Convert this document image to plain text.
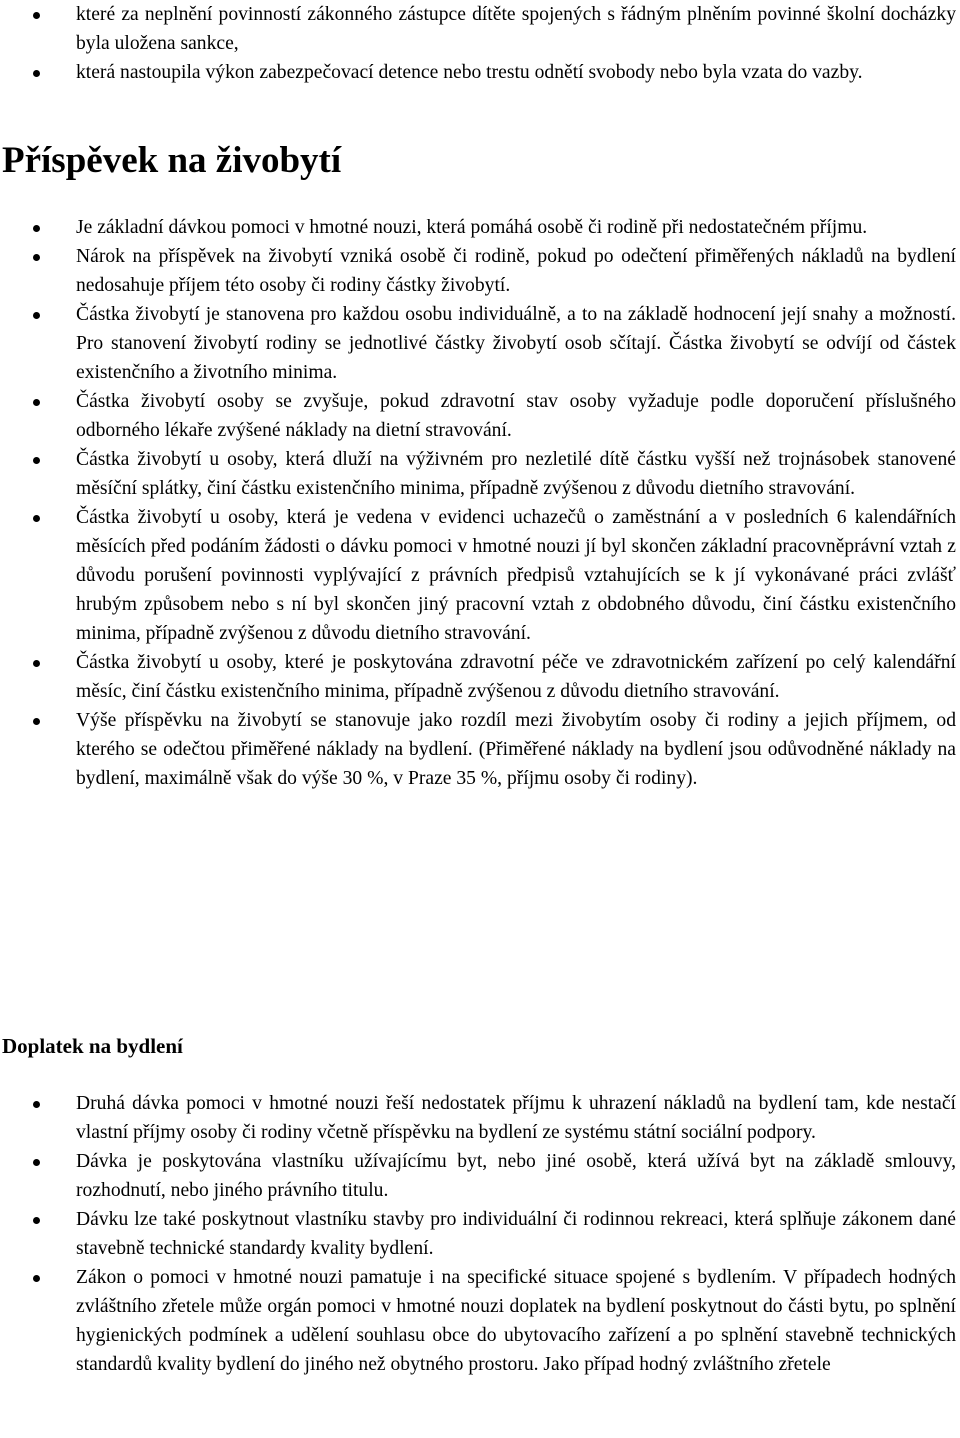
které za neplnění povinností zákonného zástupce dítěte spojených s řádným plněním povinné školní docházky byla uložena sankce,
která nastoupila výkon zabezpečovací detence nebo trestu odnětí svobody nebo byla vzata do vazby.
Příspěvek na živobytí
Je základní dávkou pomoci v hmotné nouzi, která pomáhá osobě či rodině při nedostatečném příjmu.
Nárok na příspěvek na živobytí vzniká osobě či rodině, pokud po odečtení přiměřených nákladů na bydlení nedosahuje příjem této osoby či rodiny částky živobytí.
Částka živobytí je stanovena pro každou osobu individuálně, a to na základě hodnocení její snahy a možností. Pro stanovení živobytí rodiny se jednotlivé částky živobytí osob sčítají. Částka živobytí se odvíjí od částek existenčního a životního minima.
Částka živobytí osoby se zvyšuje, pokud zdravotní stav osoby vyžaduje podle doporučení příslušného odborného lékaře zvýšené náklady na dietní stravování.
Částka živobytí u osoby, která dluží na výživném pro nezletilé dítě částku vyšší než trojnásobek stanovené měsíční splátky, činí částku existenčního minima, případně zvýšenou z důvodu dietního stravování.
Částka živobytí u osoby, která je vedena v evidenci uchazečů o zaměstnání a v posledních 6 kalendářních měsících před podáním žádosti o dávku pomoci v hmotné nouzi jí byl skončen základní pracovněprávní vztah z důvodu porušení povinnosti vyplývající z právních předpisů vztahujících se k jí vykonávané práci zvlášť hrubým způsobem nebo s ní byl skončen jiný pracovní vztah z obdobného důvodu, činí částku existenčního minima, případně zvýšenou z důvodu dietního stravování.
Částka živobytí u osoby, které je poskytována zdravotní péče ve zdravotnickém zařízení po celý kalendářní měsíc, činí částku existenčního minima, případně zvýšenou z důvodu dietního stravování.
Výše příspěvku na živobytí se stanovuje jako rozdíl mezi živobytím osoby či rodiny a jejich příjmem, od kterého se odečtou přiměřené náklady na bydlení. (Přiměřené náklady na bydlení jsou odůvodněné náklady na bydlení, maximálně však do výše 30 %, v Praze 35 %, příjmu osoby či rodiny).
Doplatek na bydlení
Druhá dávka pomoci v hmotné nouzi řeší nedostatek příjmu k uhrazení nákladů na bydlení tam, kde nestačí vlastní příjmy osoby či rodiny včetně příspěvku na bydlení ze systému státní sociální podpory.
Dávka je poskytována vlastníku užívajícímu byt, nebo jiné osobě, která užívá byt na základě smlouvy, rozhodnutí, nebo jiného právního titulu.
Dávku lze také poskytnout vlastníku stavby pro individuální či rodinnou rekreaci, která splňuje zákonem dané stavebně technické standardy kvality bydlení.
Zákon o pomoci v hmotné nouzi pamatuje i na specifické situace spojené s bydlením. V případech hodných zvláštního zřetele může orgán pomoci v hmotné nouzi doplatek na bydlení poskytnout do části bytu, po splnění hygienických podmínek a udělení souhlasu obce do ubytovacího zařízení a po splnění stavebně technických standardů kvality bydlení do jiného než obytného prostoru. Jako případ hodný zvláštního zřetele
